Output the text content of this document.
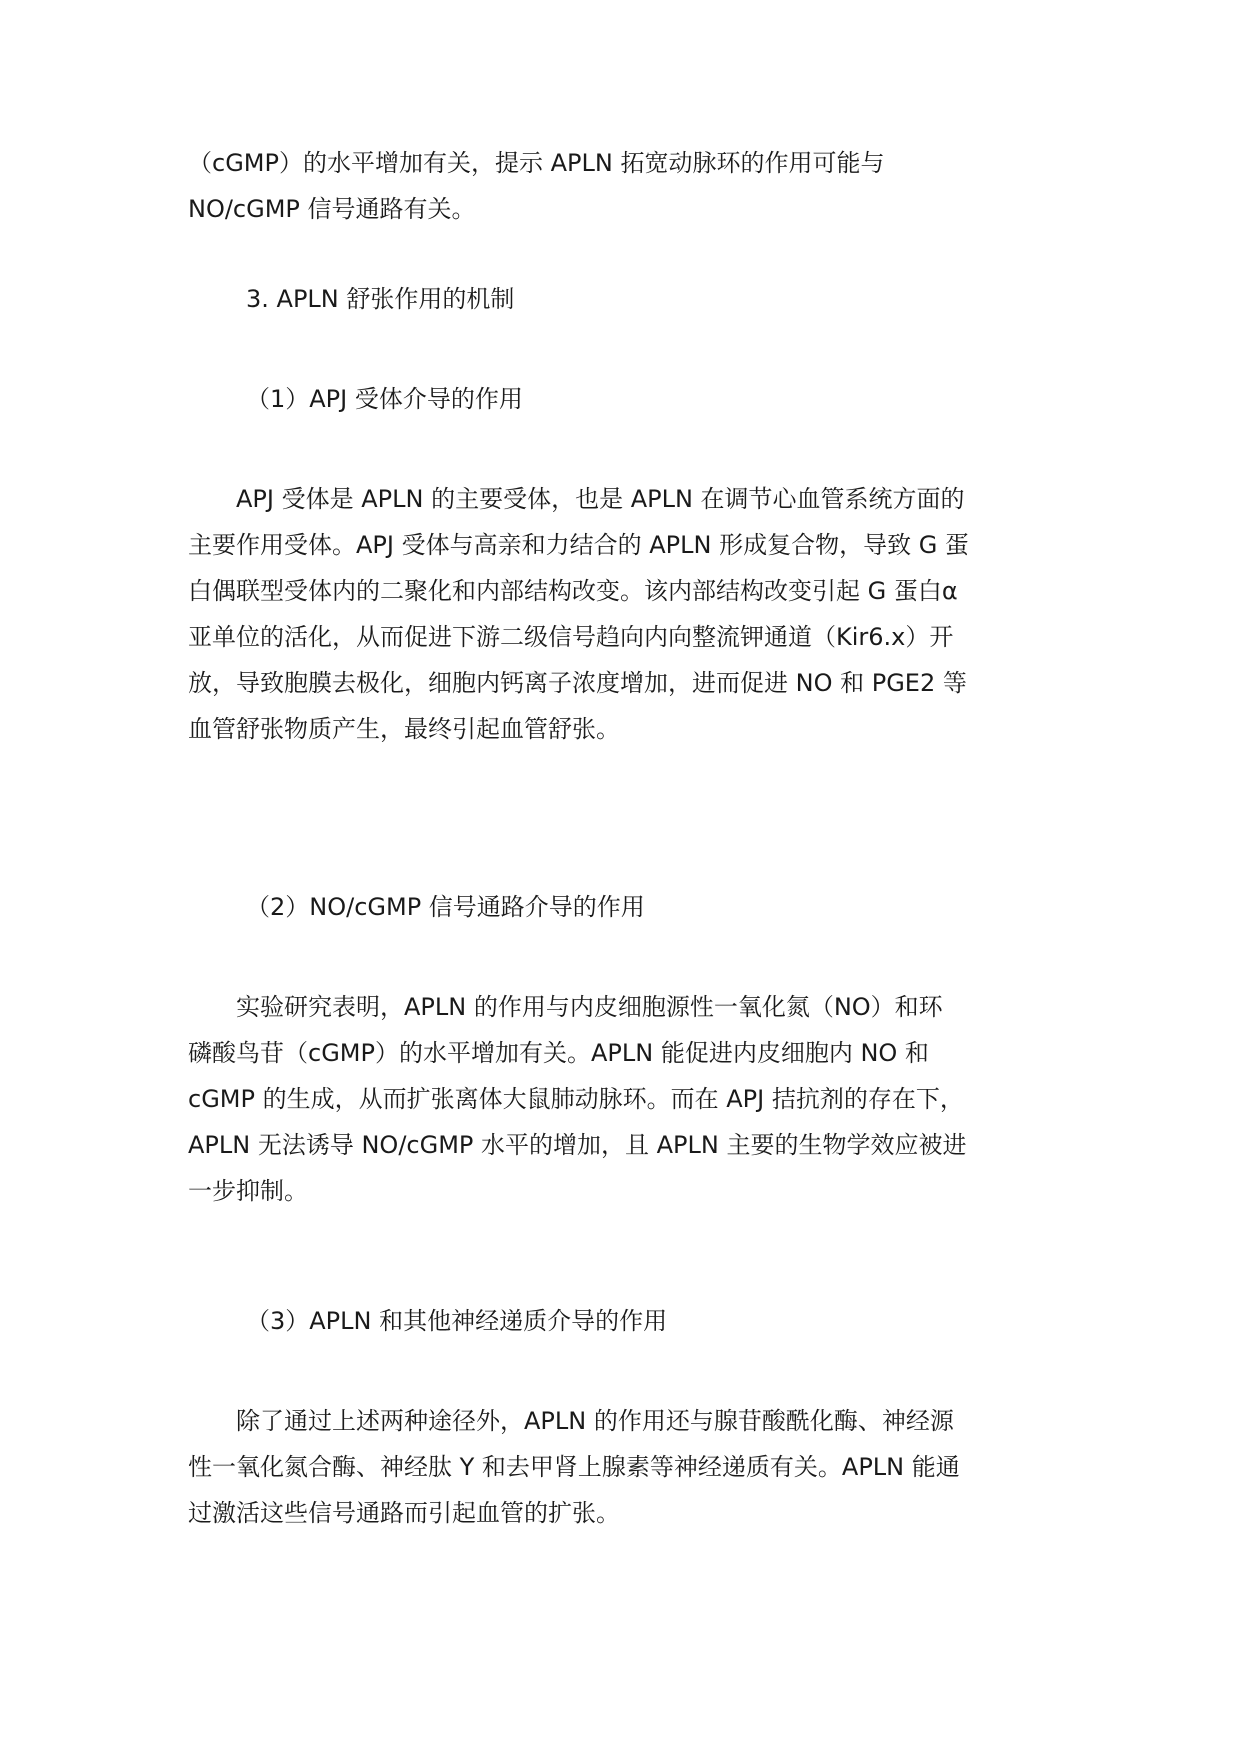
（cGMP）的水平增加有关，提示 APLN 拓宽动脉环的作用可能与
NO/cGMP 信号通路有关。
3. APLN 舒张作用的机制
（1）APJ 受体介导的作用
　　APJ 受体是 APLN 的主要受体，也是 APLN 在调节心血管系统方面的
主要作用受体。APJ 受体与高亲和力结合的 APLN 形成复合物，导致 G 蛋
白偶联型受体内的二聚化和内部结构改变。该内部结构改变引起 G 蛋白α
亚单位的活化，从而促进下游二级信号趋向内向整流钾通道（Kir6.x）开
放，导致胞膜去极化，细胞内钙离子浓度增加，进而促进 NO 和 PGE2 等
血管舒张物质产生，最终引起血管舒张。
（2）NO/cGMP 信号通路介导的作用
　　实验研究表明，APLN 的作用与内皮细胞源性一氧化氮（NO）和环
磷酸鸟苷（cGMP）的水平增加有关。APLN 能促进内皮细胞内 NO 和
cGMP 的生成，从而扩张离体大鼠肺动脉环。而在 APJ 拮抗剂的存在下，
APLN 无法诱导 NO/cGMP 水平的增加，且 APLN 主要的生物学效应被进
一步抑制。
（3）APLN 和其他神经递质介导的作用
　　除了通过上述两种途径外，APLN 的作用还与腺苷酸酰化酶、神经源
性一氧化氮合酶、神经肽 Y 和去甲肾上腺素等神经递质有关。APLN 能通
过激活这些信号通路而引起血管的扩张。
